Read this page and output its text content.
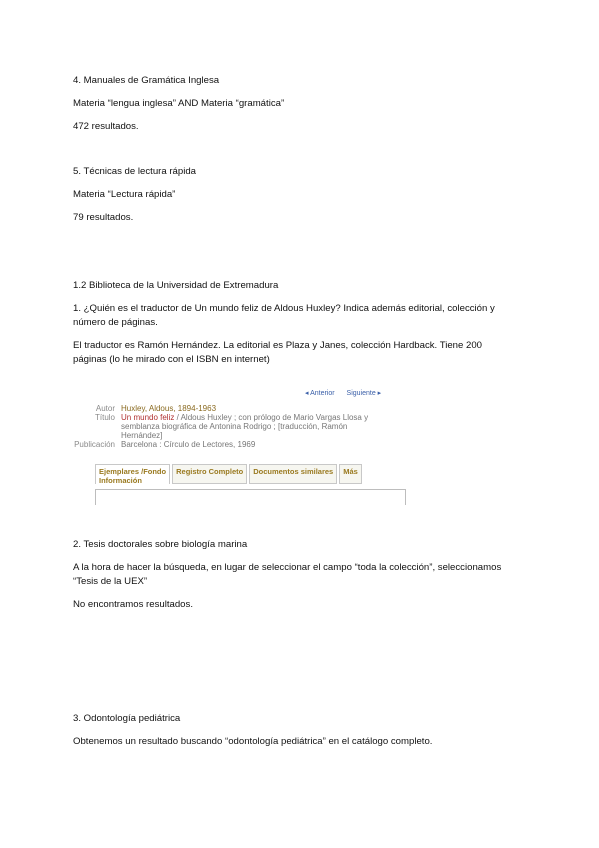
4. Manuales de Gramática Inglesa
Materia “lengua inglesa” AND Materia “gramática”
472 resultados.
5. Técnicas de lectura rápida
Materia “Lectura rápida”
79 resultados.
1.2 Biblioteca de la Universidad de Extremadura
1. ¿Quién es el traductor de Un mundo feliz de Aldous Huxley? Indica además editorial, colección y
número de páginas.
El traductor es Ramón Hernández. La editorial es Plaza y Janes, colección Hardback. Tiene 200
páginas (lo he mirado con el ISBN en internet)
◂ Anterior Siguiente ▸
Autor Huxley, Aldous, 1894-1963
Título Un mundo feliz / Aldous Huxley ; con prólogo de Mario Vargas Llosa y
semblanza biográfica de Antonina Rodrigo ; [traducción, Ramón
Hernández]
Publicación Barcelona : Círculo de Lectores, 1969
Ejemplares /Fondo
Información
Registro Completo	Documentos similares	Más
2. Tesis doctorales sobre biología marina
A la hora de hacer la búsqueda, en lugar de seleccionar el campo “toda la colección”, seleccionamos
“Tesis de la UEX”
No encontramos resultados.
3. Odontología pediátrica
Obtenemos un resultado buscando “odontología pediátrica” en el catálogo completo.
